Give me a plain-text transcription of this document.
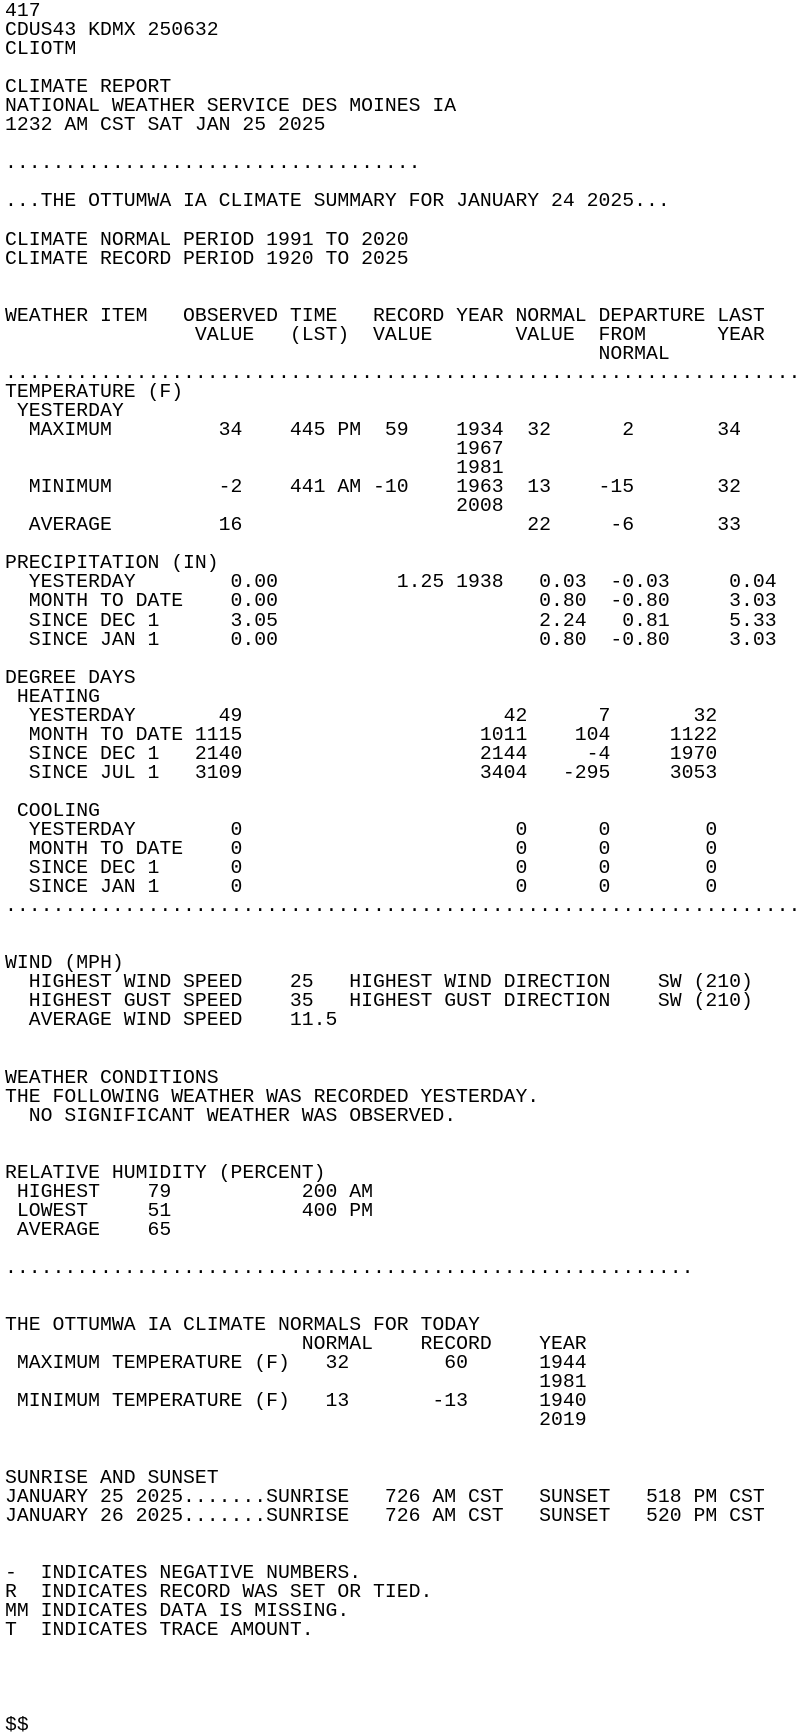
417
CDUS43 KDMX 250632
CLIOTM
CLIMATE REPORT
NATIONAL WEATHER SERVICE DES MOINES IA
1232 AM CST SAT JAN 25 2025
...................................
...THE OTTUMWA IA CLIMATE SUMMARY FOR JANUARY 24 2025...
CLIMATE NORMAL PERIOD 1991 TO 2020
CLIMATE RECORD PERIOD 1920 TO 2025
WEATHER ITEM   OBSERVED TIME   RECORD YEAR NORMAL DEPARTURE LAST
VALUE   (LST)  VALUE       VALUE  FROM      YEAR
NORMAL
...................................................................
TEMPERATURE (F)
YESTERDAY
MAXIMUM         34    445 PM  59    1934  32      2       34
1967
1981
MINIMUM         -2    441 AM -10    1963  13    -15       32
2008
AVERAGE         16                        22     -6       33
PRECIPITATION (IN)
YESTERDAY        0.00          1.25 1938   0.03  -0.03     0.04
MONTH TO DATE    0.00                      0.80  -0.80     3.03
SINCE DEC 1      3.05                      2.24   0.81     5.33
SINCE JAN 1      0.00                      0.80  -0.80     3.03
DEGREE DAYS
HEATING
YESTERDAY       49                      42      7       32
MONTH TO DATE 1115                    1011    104     1122
SINCE DEC 1   2140                    2144     -4     1970
SINCE JUL 1   3109                    3404   -295     3053
COOLING
YESTERDAY        0                       0      0        0
MONTH TO DATE    0                       0      0        0
SINCE DEC 1      0                       0      0        0
SINCE JAN 1      0                       0      0        0
...................................................................
WIND (MPH)
HIGHEST WIND SPEED    25   HIGHEST WIND DIRECTION    SW (210)
HIGHEST GUST SPEED    35   HIGHEST GUST DIRECTION    SW (210)
AVERAGE WIND SPEED    11.5
WEATHER CONDITIONS
THE FOLLOWING WEATHER WAS RECORDED YESTERDAY.
NO SIGNIFICANT WEATHER WAS OBSERVED.
RELATIVE HUMIDITY (PERCENT)
HIGHEST    79           200 AM
LOWEST     51           400 PM
AVERAGE    65
..........................................................
THE OTTUMWA IA CLIMATE NORMALS FOR TODAY
NORMAL    RECORD    YEAR
MAXIMUM TEMPERATURE (F)   32        60      1944
1981
MINIMUM TEMPERATURE (F)   13       -13      1940
2019
SUNRISE AND SUNSET
JANUARY 25 2025.......SUNRISE   726 AM CST   SUNSET   518 PM CST
JANUARY 26 2025.......SUNRISE   726 AM CST   SUNSET   520 PM CST
-  INDICATES NEGATIVE NUMBERS.
R  INDICATES RECORD WAS SET OR TIED.
MM INDICATES DATA IS MISSING.
T  INDICATES TRACE AMOUNT.
$$
